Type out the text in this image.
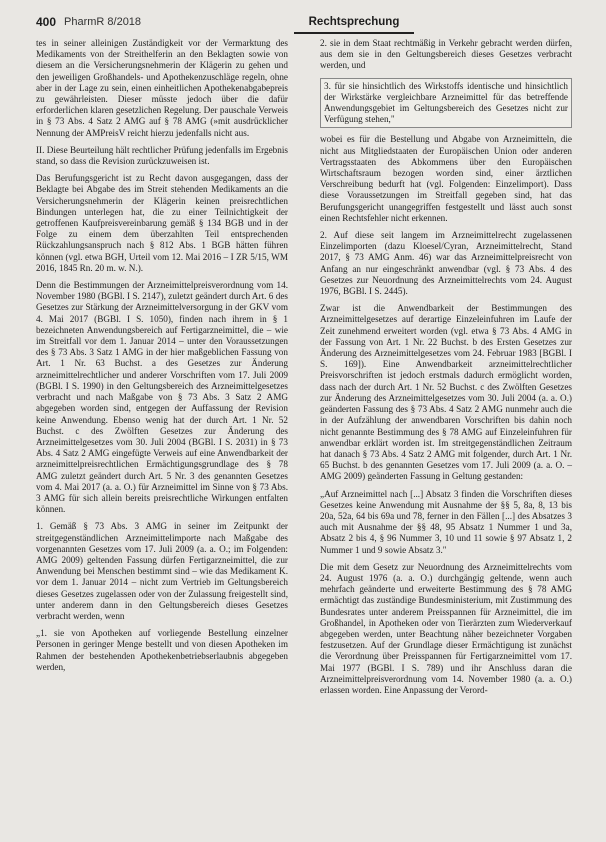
400 PharmR 8/2018	Rechtsprechung

tes in seiner alleinigen Zuständigkeit vor der Vermarktung des Medikaments von der Streithelferin an den Beklagten sowie von diesem an die Versicherungsnehmerin der Klägerin zu gehen und den jeweiligen Großhandels- und Apothekenzuschläge regeln, ohne aber in der Lage zu sein, einen einheitlichen Apothekenabgabepreis zu gewährleisten. Dieser müsste jedoch über die dafür erforderlichen klaren gesetzlichen Regelung. Der pauschale Verweis in § 73 Abs. 4 Satz 2 AMG auf § 78 AMG (»mit ausdrücklicher Nennung der AMPreisV reicht hierzu jedenfalls nicht aus.

II. Diese Beurteilung hält rechtlicher Prüfung jedenfalls im Ergebnis stand, so dass die Revision zurückzuweisen ist.

Das Berufungsgericht ist zu Recht davon ausgegangen, dass der Beklagte bei Abgabe des im Streit stehenden Medikaments an die Versicherungsnehmerin der Klägerin keinen preisrechtlichen Bindungen unterlegen hat, die zu einer Teilnichtigkeit der getroffenen Kaufpreisvereinbarung gemäß § 134 BGB und in der Folge zu einem dem überzahlten Teil entsprechenden Rückzahlungsanspruch nach § 812 Abs. 1 BGB hätten führen können (vgl. etwa BGH, Urteil vom 12. Mai 2016 – I ZR 5/15, WM 2016, 1845 Rn. 20 m. w. N.).

Denn die Bestimmungen der Arzneimittelpreisverordnung vom 14. November 1980 (BGBl. I S. 2147), zuletzt geändert durch Art. 6 des Gesetzes zur Stärkung der Arzneimittelversorgung in der GKV vom 4. Mai 2017 (BGBl. I S. 1050), finden nach ihrem in § 1 bezeichneten Anwendungsbereich auf Fertigarzneimittel, die – wie im Streitfall vor dem 1. Januar 2014 – unter den Voraussetzungen des § 73 Abs. 3 Satz 1 AMG in der hier maßgeblichen Fassung von Art. 1 Nr. 63 Buchst. a des Gesetzes zur Änderung arzneimittelrechtlicher und anderer Vorschriften vom 17. Juli 2009 (BGBl. I S. 1990) in den Geltungsbereich des Arzneimittelgesetzes verbracht und nach Maßgabe von § 73 Abs. 3 Satz 2 AMG abgegeben worden sind, entgegen der Auffassung der Revision keine Anwendung. Ebenso wenig hat der durch Art. 1 Nr. 52 Buchst. c des Zwölften Gesetzes zur Änderung des Arzneimittelgesetzes vom 30. Juli 2004 (BGBl. I S. 2031) in § 73 Abs. 4 Satz 2 AMG eingefügte Verweis auf eine Anwendbarkeit der arzneimittelpreisrechtlichen Ermächtigungsgrundlage des § 78 AMG zuletzt geändert durch Art. 5 Nr. 3 des genannten Gesetzes vom 4. Mai 2017 (a. a. O.) für Arzneimittel im Sinne von § 73 Abs. 3 AMG für sich allein bereits preisrechtliche Wirkungen entfalten können.

1. Gemäß § 73 Abs. 3 AMG in seiner im Zeitpunkt der streitgegenständlichen Arzneimittelimporte nach Maßgabe des vorgenannten Gesetzes vom 17. Juli 2009 (a. a. O.; im Folgenden: AMG 2009) geltenden Fassung dürfen Fertigarzneimittel, die zur Anwendung bei Menschen bestimmt sind – wie das Medikament K. vor dem 1. Januar 2014 – nicht zum Vertrieb im Geltungsbereich dieses Gesetzes zugelassen oder von der Zulassung freigestellt sind, unter anderem dann in den Geltungsbereich dieses Gesetzes verbracht werden, wenn

„1. sie von Apotheken auf vorliegende Bestellung einzelner Personen in geringer Menge bestellt und von diesen Apotheken im Rahmen der bestehenden Apothekenbetriebserlaubnis abgegeben werden,

2. sie in dem Staat rechtmäßig in Verkehr gebracht werden dürfen, aus dem sie in den Geltungsbereich dieses Gesetzes verbracht werden, und

3. für sie hinsichtlich des Wirkstoffs identische und hinsichtlich der Wirkstärke vergleichbare Arzneimittel für das betreffende Anwendungsgebiet im Geltungsbereich des Gesetzes nicht zur Verfügung stehen,"

wobei es für die Bestellung und Abgabe von Arzneimitteln, die nicht aus Mitgliedstaaten der Europäischen Union oder anderen Vertragsstaaten des Abkommens über den Europäischen Wirtschaftsraum bezogen worden sind, einer ärztlichen Verschreibung bedurft hat (vgl. Folgenden: Einzelimport). Dass diese Voraussetzungen im Streitfall gegeben sind, hat das Berufungsgericht unangegriffen festgestellt und lässt auch sonst einen Rechtsfehler nicht erkennen.

2. Auf diese seit langem im Arzneimittelrecht zugelassenen Einzelimporten (dazu Kloesel/Cyran, Arzneimittelrecht, Stand 2017, § 73 AMG Anm. 46) war das Arzneimittelpreisrecht von Anfang an nur eingeschränkt anwendbar (vgl. § 73 Abs. 4 des Gesetzes zur Neuordnung des Arzneimittelrechts vom 24. August 1976, BGBl. I S. 2445).

Zwar ist die Anwendbarkeit der Bestimmungen des Arzneimittelgesetzes auf derartige Einzeleinfuhren im Laufe der Zeit zunehmend erweitert worden (vgl. etwa § 73 Abs. 4 AMG in der Fassung von Art. 1 Nr. 22 Buchst. b des Ersten Gesetzes zur Änderung des Arzneimittelgesetzes vom 24. Februar 1983 [BGBl. I S. 169]). Eine Anwendbarkeit arzneimittelrechtlicher Preisvorschriften ist jedoch erstmals dadurch ermöglicht worden, dass nach der durch Art. 1 Nr. 52 Buchst. c des Zwölften Gesetzes zur Änderung des Arzneimittelgesetzes vom 30. Juli 2004 (a. a. O.) geänderten Fassung des § 73 Abs. 4 Satz 2 AMG nunmehr auch die in der Aufzählung der anwendbaren Vorschriften bis dahin noch nicht genannte Bestimmung des § 78 AMG auf Einzeleinfuhren für anwendbar erklärt worden ist. Im streitgegenständlichen Zeitraum hat danach § 73 Abs. 4 Satz 2 AMG mit folgender, durch Art. 1 Nr. 65 Buchst. b des genannten Gesetzes vom 17. Juli 2009 (a. a. O. – AMG 2009) geänderten Fassung in Geltung gestanden:

„Auf Arzneimittel nach [...] Absatz 3 finden die Vorschriften dieses Gesetzes keine Anwendung mit Ausnahme der §§ 5, 8a, 8, 13 bis 20a, 52a, 64 bis 69a und 78, ferner in den Fällen [...] des Absatzes 3 auch mit Ausnahme der §§ 48, 95 Absatz 1 Nummer 1 und 3a, Absatz 2 bis 4, § 96 Nummer 3, 10 und 11 sowie § 97 Absatz 1, 2 Nummer 1 und 9 sowie Absatz 3."

Die mit dem Gesetz zur Neuordnung des Arzneimittelrechts vom 24. August 1976 (a. a. O.) durchgängig geltende, wenn auch mehrfach geänderte und erweiterte Bestimmung des § 78 AMG ermächtigt das zuständige Bundesministerium, mit Zustimmung des Bundesrates unter anderem Preisspannen für Arzneimittel, die im Großhandel, in Apotheken oder von Tierärzten zum Wiederverkauf abgegeben werden, unter Beachtung näher bezeichneter Vorgaben festzusetzen. Auf der Grundlage dieser Ermächtigung ist zunächst die Verordnung über Preisspannen für Fertigarzneimittel vom 17. Mai 1977 (BGBl. I S. 789) und ihr Anschluss daran die Arzneimittelpreisverordnung vom 14. November 1980 (a. a. O.) erlassen worden. Eine Anpassung der Verord-
